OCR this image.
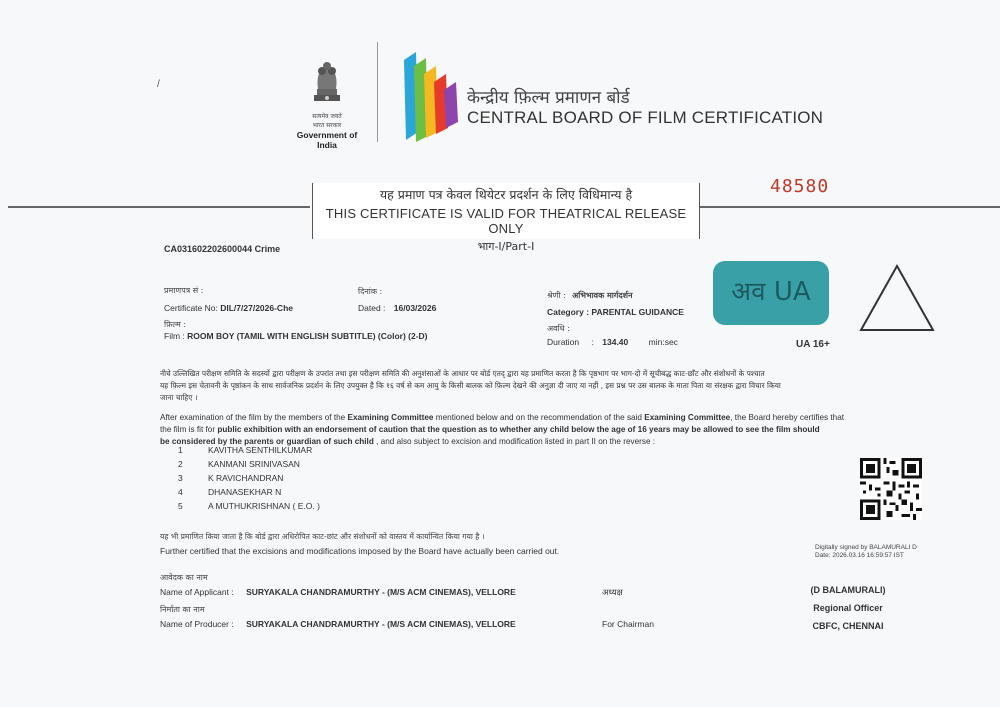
/
सत्यमेव जयते
भारत सरकार
Government of India
केन्द्रीय फ़िल्म प्रमाणन बोर्ड
CENTRAL BOARD OF FILM CERTIFICATION
यह प्रमाण पत्र केवल थियेटर प्रदर्शन के लिए विधिमान्य है
THIS CERTIFICATE IS VALID FOR THEATRICAL RELEASE ONLY
भाग-I/Part-I
48580
CA031602202600044 Crime
प्रमाणपत्र सं :
Certificate No: DIL/7/27/2026-Che
दिनांक :
Dated : 16/03/2026
फ़िल्म :
Film : ROOM BOY (TAMIL WITH ENGLISH SUBTITLE) (Color) (2-D)
श्रेणी : अभिभावक मार्गदर्शन
Category : PARENTAL GUIDANCE
अवधि :
Duration : 134.40 min:sec
अव UA
UA 16+
नीचे उल्लिखित परीक्षण समिति के सदस्यों द्वारा परीक्षण के उपरांत तथा इस परीक्षण समिति की अनुशंसाओं के आधार पर बोर्ड एतद् द्वारा यह प्रमाणित करता है कि पृष्ठभाग पर भाग-दो में सूचीबद्ध काट-छाँट और संशोधनों के पश्चात
यह फ़िल्म इस चेतावनी के पृष्ठांकन के साथ सार्वजनिक प्रदर्शन के लिए उपयुक्त है कि १६ वर्ष से कम आयु के किसी बालक को फ़िल्म देखने की अनुज्ञा दी जाए या नहीं , इस प्रश्न पर उस बालक के माता पिता या संरक्षक द्वारा विचार किया
जाना चाहिए ।
After examination of the film by the members of the Examining Committee mentioned below and on the recommendation of the said Examining Committee, the Board hereby certifies that
the film is fit for public exhibition with an endorsement of caution that the question as to whether any child below the age of 16 years may be allowed to see the film should
be considered by the parents or guardian of such child , and also subject to excision and modification listed in part II on the reverse :
1	KAVITHA SENTHILKUMAR
2	KANMANI SRINIVASAN
3	K RAVICHANDRAN
4	DHANASEKHAR N
5	A MUTHUKRISHNAN ( E.O. )
यह भी प्रमाणित किया जाता है कि बोर्ड द्वारा अधिरोपित काट-छांट और संशोधनों को वास्तव में कार्यान्वित किया गया है ।
Further certified that the excisions and modifications imposed by the Board have actually been carried out.	Digitally signed by BALAMURALI D
Date: 2026.03.16 16:59:57 IST
आवेदक का नाम
Name of Applicant : SURYAKALA CHANDRAMURTHY - (M/S ACM CINEMAS), VELLORE
निर्माता का नाम
Name of Producer : SURYAKALA CHANDRAMURTHY - (M/S ACM CINEMAS), VELLORE
अध्यक्ष
For Chairman
(D BALAMURALI)
Regional Officer
CBFC, CHENNAI
